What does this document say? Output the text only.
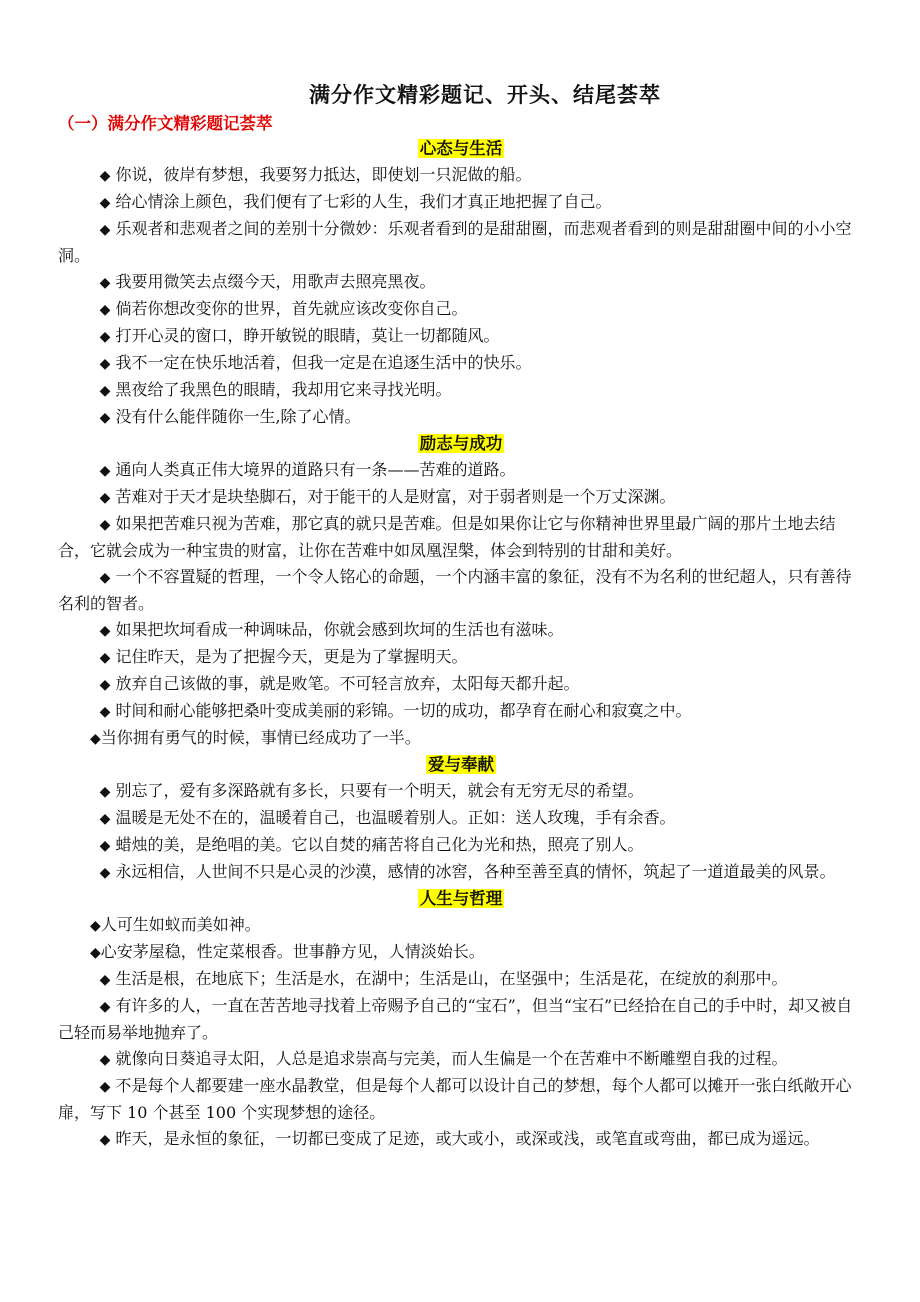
满分作文精彩题记、开头、结尾荟萃
（一）满分作文精彩题记荟萃
心态与生活

◆ 你说，彼岸有梦想，我要努力抵达，即使划一只泥做的船。

◆ 给心情涂上颜色，我们便有了七彩的人生，我们才真正地把握了自己。

◆ 乐观者和悲观者之间的差别十分微妙：乐观者看到的是甜甜圈，而悲观者看到的则是甜甜圈中间的小小空洞。

◆ 我要用微笑去点缀今天，用歌声去照亮黑夜。

◆ 倘若你想改变你的世界，首先就应该改变你自己。

◆ 打开心灵的窗口，睁开敏锐的眼睛，莫让一切都随风。

◆ 我不一定在快乐地活着，但我一定是在追逐生活中的快乐。

◆ 黑夜给了我黑色的眼睛，我却用它来寻找光明。

◆ 没有什么能伴随你一生,除了心情。

励志与成功

◆ 通向人类真正伟大境界的道路只有一条——苦难的道路。

◆ 苦难对于天才是块垫脚石，对于能干的人是财富，对于弱者则是一个万丈深渊。

◆ 如果把苦难只视为苦难，那它真的就只是苦难。但是如果你让它与你精神世界里最广阔的那片土地去结合，它就会成为一种宝贵的财富，让你在苦难中如凤凰涅槃，体会到特别的甘甜和美好。

◆ 一个不容置疑的哲理，一个令人铭心的命题，一个内涵丰富的象征，没有不为名利的世纪超人，只有善待名利的智者。

◆ 如果把坎坷看成一种调味品，你就会感到坎坷的生活也有滋味。

◆ 记住昨天，是为了把握今天，更是为了掌握明天。

◆ 放弃自己该做的事，就是败笔。不可轻言放弃，太阳每天都升起。

◆ 时间和耐心能够把桑叶变成美丽的彩锦。一切的成功，都孕育在耐心和寂寞之中。

◆当你拥有勇气的时候，事情已经成功了一半。

爱与奉献

◆ 别忘了，爱有多深路就有多长，只要有一个明天，就会有无穷无尽的希望。

◆ 温暖是无处不在的，温暖着自己，也温暖着别人。正如：送人玫瑰，手有余香。

◆ 蜡烛的美，是绝唱的美。它以自焚的痛苦将自己化为光和热，照亮了别人。

◆ 永远相信，人世间不只是心灵的沙漠，感情的冰窖，各种至善至真的情怀，筑起了一道道最美的风景。

人生与哲理

◆人可生如蚁而美如神。

◆心安茅屋稳，性定菜根香。世事静方见，人情淡始长。

◆ 生活是根，在地底下；生活是水，在湖中；生活是山，在坚强中；生活是花，在绽放的刹那中。

◆ 有许多的人，一直在苦苦地寻找着上帝赐予自己的“宝石”，但当“宝石”已经拾在自己的手中时，却又被自己轻而易举地抛弃了。

◆ 就像向日葵追寻太阳，人总是追求崇高与完美，而人生偏是一个在苦难中不断雕塑自我的过程。

◆ 不是每个人都要建一座水晶教堂，但是每个人都可以设计自己的梦想，每个人都可以摊开一张白纸敞开心扉，写下 10 个甚至 100 个实现梦想的途径。

◆ 昨天，是永恒的象征，一切都已变成了足迹，或大或小，或深或浅，或笔直或弯曲，都已成为遥远。
